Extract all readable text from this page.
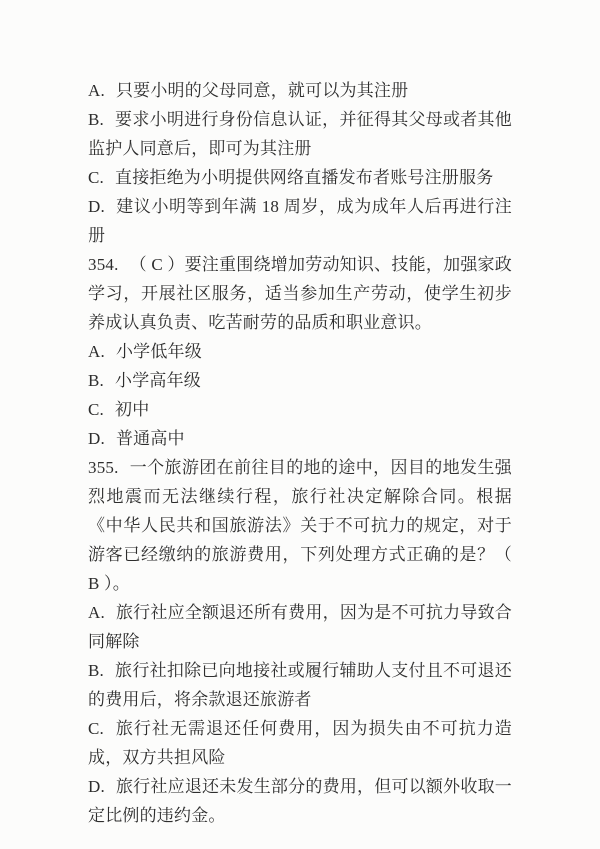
A. 只要小明的父母同意，就可以为其注册

B. 要求小明进行身份信息认证，并征得其父母或者其他监护人同意后，即可为其注册

C. 直接拒绝为小明提供网络直播发布者账号注册服务

D. 建议小明等到年满 18 周岁，成为成年人后再进行注册

354. （ C ）要注重围绕增加劳动知识、技能，加强家政学习，开展社区服务，适当参加生产劳动，使学生初步养成认真负责、吃苦耐劳的品质和职业意识。

A. 小学低年级

B. 小学高年级

C. 初中

D. 普通高中

355. 一个旅游团在前往目的地的途中，因目的地发生强烈地震而无法继续行程，旅行社决定解除合同。根据《中华人民共和国旅游法》关于不可抗力的规定，对于游客已经缴纳的旅游费用，下列处理方式正确的是？（ B ）。

A. 旅行社应全额退还所有费用，因为是不可抗力导致合同解除

B. 旅行社扣除已向地接社或履行辅助人支付且不可退还的费用后，将余款退还旅游者

C. 旅行社无需退还任何费用，因为损失由不可抗力造成，双方共担风险

D. 旅行社应退还未发生部分的费用，但可以额外收取一定比例的违约金。
